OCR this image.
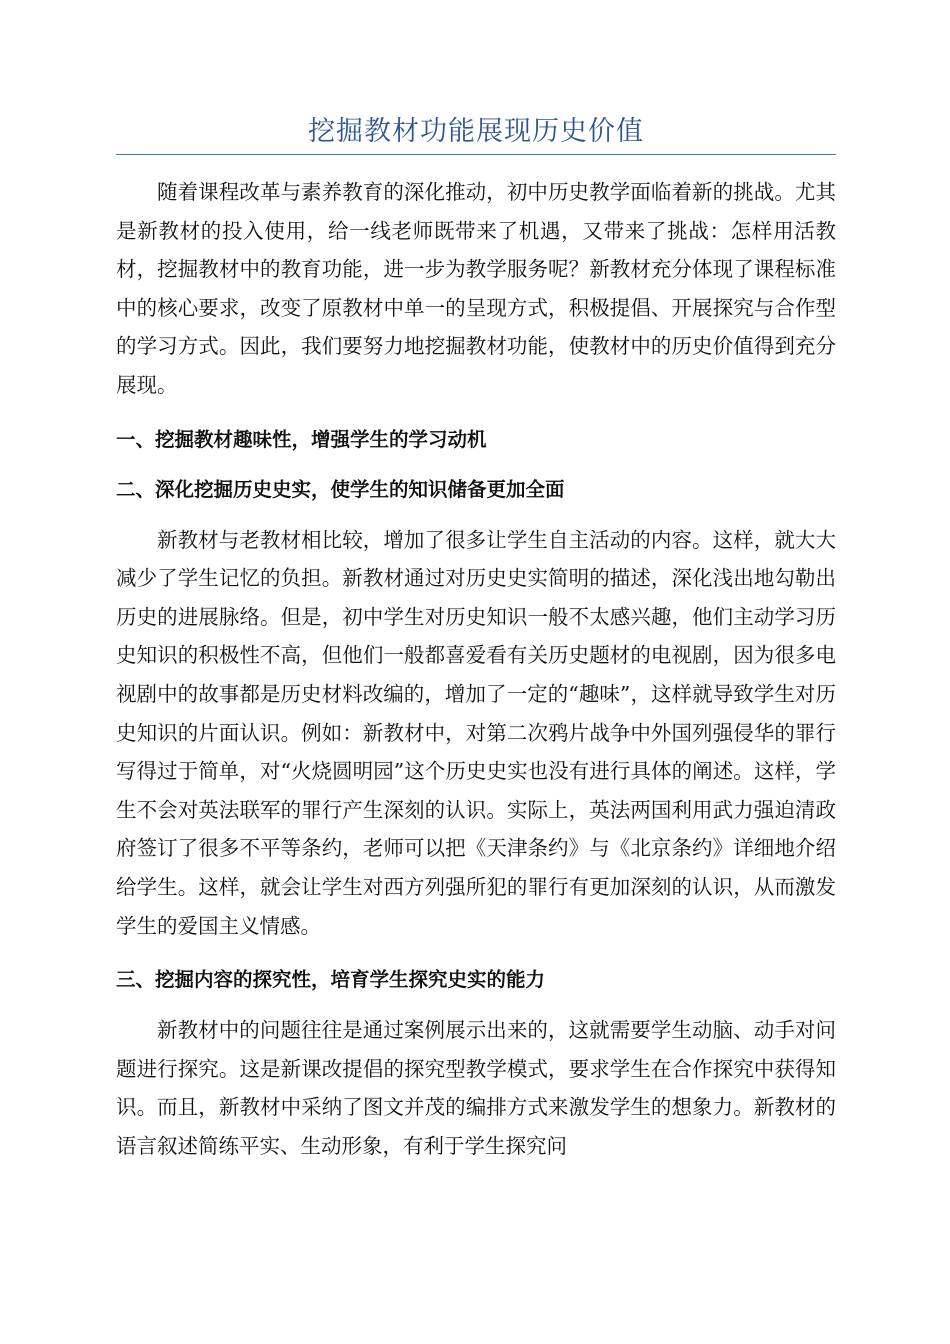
挖掘教材功能展现历史价值

随着课程改革与素养教育的深化推动，初中历史教学面临着新的挑战。尤其是新教材的投入使用，给一线老师既带来了机遇，又带来了挑战：怎样用活教材，挖掘教材中的教育功能，进一步为教学服务呢？新教材充分体现了课程标准中的核心要求，改变了原教材中单一的呈现方式，积极提倡、开展探究与合作型的学习方式。因此，我们要努力地挖掘教材功能，使教材中的历史价值得到充分展现。

一、挖掘教材趣味性，增强学生的学习动机

二、深化挖掘历史史实，使学生的知识储备更加全面

新教材与老教材相比较，增加了很多让学生自主活动的内容。这样，就大大减少了学生记忆的负担。新教材通过对历史史实简明的描述，深化浅出地勾勒出历史的进展脉络。但是，初中学生对历史知识一般不太感兴趣，他们主动学习历史知识的积极性不高，但他们一般都喜爱看有关历史题材的电视剧，因为很多电视剧中的故事都是历史材料改编的，增加了一定的“趣味”，这样就导致学生对历史知识的片面认识。例如：新教材中，对第二次鸦片战争中外国列强侵华的罪行写得过于简单，对“火烧圆明园”这个历史史实也没有进行具体的阐述。这样，学生不会对英法联军的罪行产生深刻的认识。实际上，英法两国利用武力强迫清政府签订了很多不平等条约，老师可以把《天津条约》与《北京条约》详细地介绍给学生。这样，就会让学生对西方列强所犯的罪行有更加深刻的认识，从而激发学生的爱国主义情感。

三、挖掘内容的探究性，培育学生探究史实的能力

新教材中的问题往往是通过案例展示出来的，这就需要学生动脑、动手对问题进行探究。这是新课改提倡的探究型教学模式，要求学生在合作探究中获得知识。而且，新教材中采纳了图文并茂的编排方式来激发学生的想象力。新教材的语言叙述简练平实、生动形象，有利于学生探究问
